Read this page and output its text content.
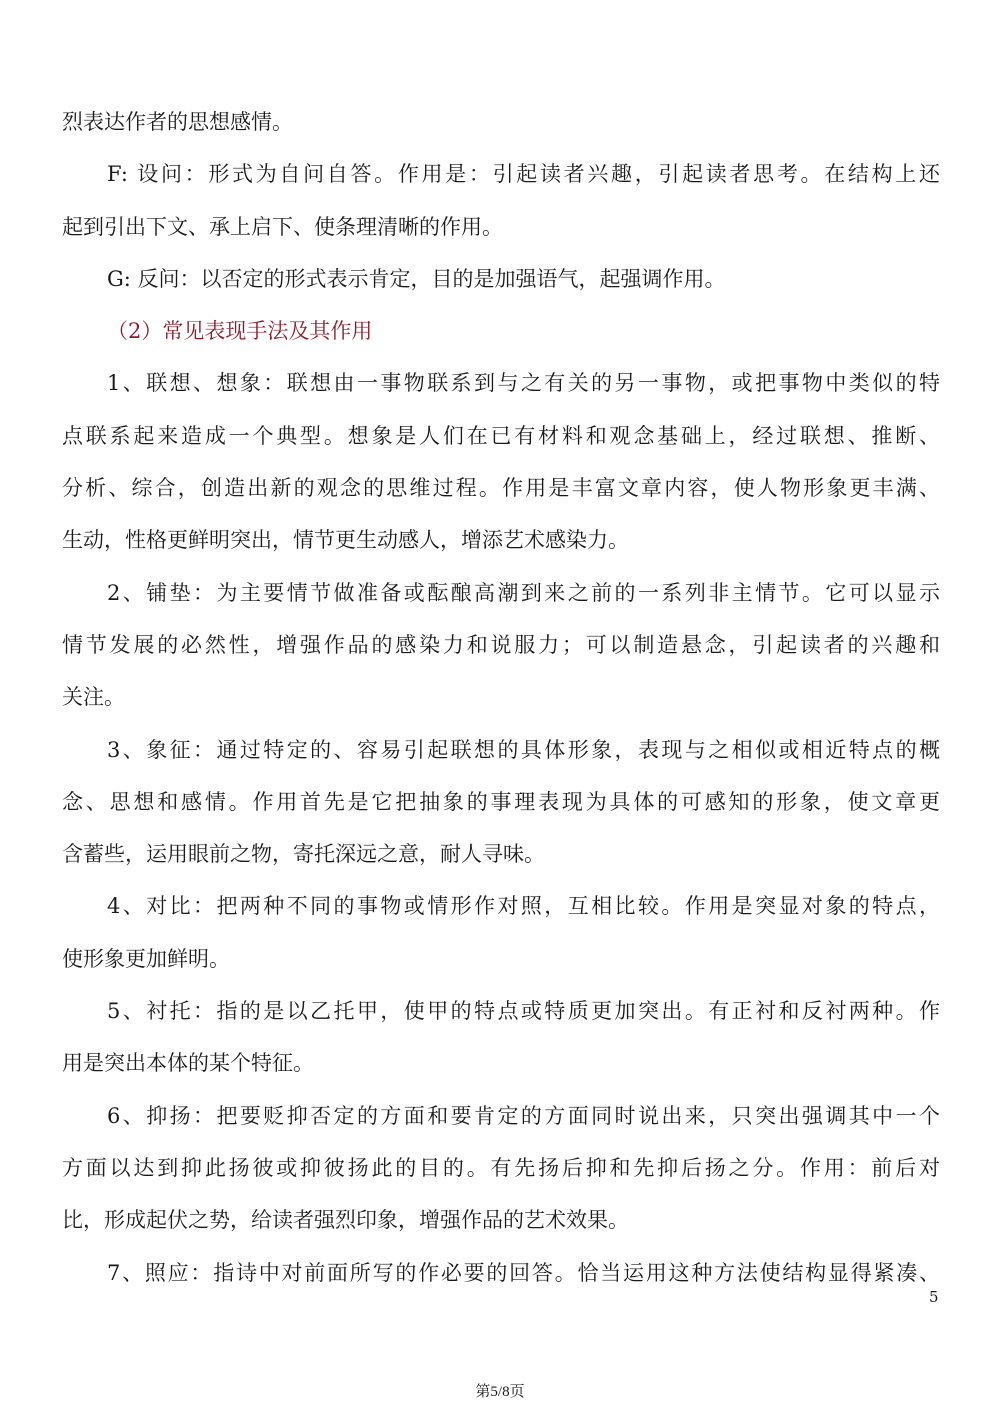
烈表达作者的思想感情。
F: 设问：形式为自问自答。作用是：引起读者兴趣，引起读者思考。在结构上还
起到引出下文、承上启下、使条理清晰的作用。
G: 反问：以否定的形式表示肯定，目的是加强语气，起强调作用。
（2）常见表现手法及其作用
1、联想、想象：联想由一事物联系到与之有关的另一事物，或把事物中类似的特
点联系起来造成一个典型。想象是人们在已有材料和观念基础上，经过联想、推断、
分析、综合，创造出新的观念的思维过程。作用是丰富文章内容，使人物形象更丰满、
生动，性格更鲜明突出，情节更生动感人，增添艺术感染力。
2、铺垫：为主要情节做准备或酝酿高潮到来之前的一系列非主情节。它可以显示
情节发展的必然性，增强作品的感染力和说服力；可以制造悬念，引起读者的兴趣和
关注。
3、象征：通过特定的、容易引起联想的具体形象，表现与之相似或相近特点的概
念、思想和感情。作用首先是它把抽象的事理表现为具体的可感知的形象，使文章更
含蓄些，运用眼前之物，寄托深远之意，耐人寻味。
4、对比：把两种不同的事物或情形作对照，互相比较。作用是突显对象的特点，
使形象更加鲜明。
5、衬托：指的是以乙托甲，使甲的特点或特质更加突出。有正衬和反衬两种。作
用是突出本体的某个特征。
6、抑扬：把要贬抑否定的方面和要肯定的方面同时说出来，只突出强调其中一个
方面以达到抑此扬彼或抑彼扬此的目的。有先扬后抑和先抑后扬之分。作用：前后对
比，形成起伏之势，给读者强烈印象，增强作品的艺术效果。
7、照应：指诗中对前面所写的作必要的回答。恰当运用这种方法使结构显得紧凑、
5
第5/8页
